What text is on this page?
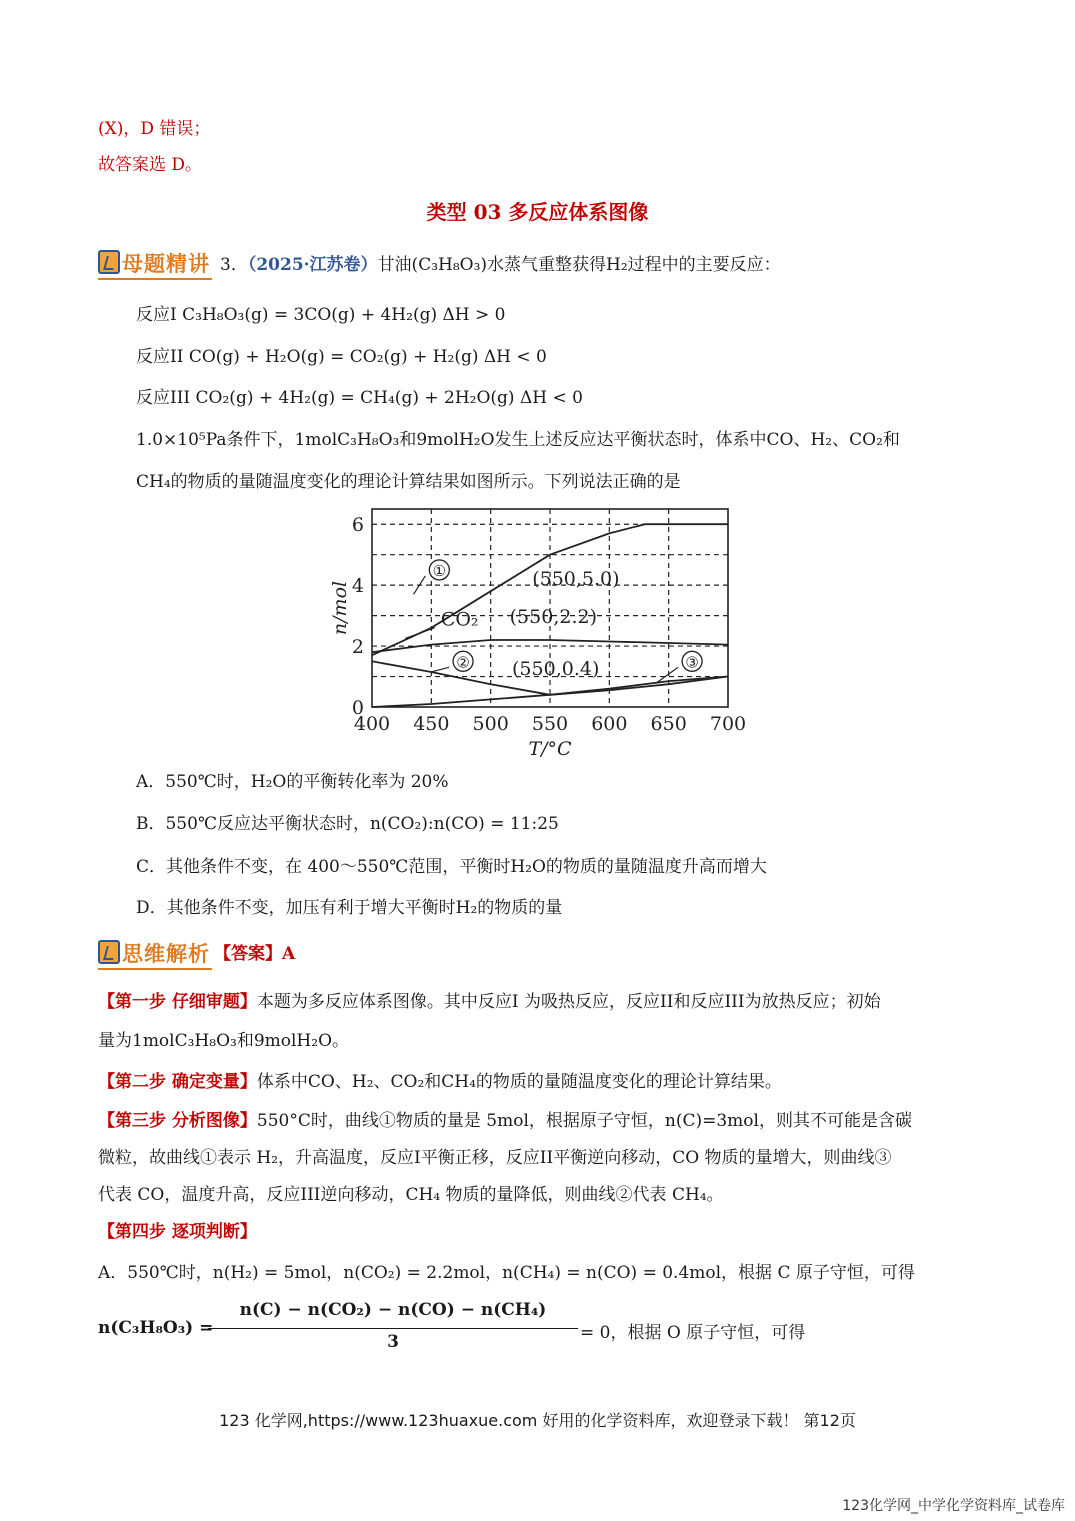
(X)，D 错误；
故答案选 D。
类型 03 多反应体系图像
母题精讲 3．（2025·江苏卷）甘油(C₃H₈O₃)水蒸气重整获得H₂过程中的主要反应：
反应I C₃H₈O₃(g) = 3CO(g) + 4H₂(g) ΔH > 0
反应II CO(g) + H₂O(g) = CO₂(g) + H₂(g) ΔH < 0
反应III CO₂(g) + 4H₂(g) = CH₄(g) + 2H₂O(g) ΔH < 0
1.0×10⁵Pa条件下，1molC₃H₈O₃和9molH₂O发生上述反应达平衡状态时，体系中CO、H₂、CO₂和
CH₄的物质的量随温度变化的理论计算结果如图所示。下列说法正确的是
400 450 500 550 600 650 700
0
2
4
6
T/°C
n/mol
①
CO₂
②	③
(550,5.0)
(550,2.2)
(550,0.4)
A．550℃时，H₂O的平衡转化率为 20%
B．550℃反应达平衡状态时，n(CO₂):n(CO) = 11:25
C．其他条件不变，在 400～550℃范围，平衡时H₂O的物质的量随温度升高而增大
D．其他条件不变，加压有利于增大平衡时H₂的物质的量
思维解析 【答案】A
【第一步 仔细审题】本题为多反应体系图像。其中反应I 为吸热反应，反应II和反应III为放热反应；初始
量为1molC₃H₈O₃和9molH₂O。
【第二步 确定变量】体系中CO、H₂、CO₂和CH₄的物质的量随温度变化的理论计算结果。
【第三步 分析图像】550°C时，曲线①物质的量是 5mol，根据原子守恒，n(C)=3mol，则其不可能是含碳
微粒，故曲线①表示 H₂，升高温度，反应I平衡正移，反应II平衡逆向移动，CO 物质的量增大，则曲线③
代表 CO，温度升高，反应III逆向移动，CH₄ 物质的量降低，则曲线②代表 CH₄。
【第四步 逐项判断】
A．550℃时，n(H₂) = 5mol，n(CO₂) = 2.2mol，n(CH₄) = n(CO) = 0.4mol，根据 C 原子守恒，可得
n(C₃H₈O₃) =
n(C) − n(CO₂) − n(CO) − n(CH₄)
3	= 0，根据 O 原子守恒，可得
123 化学网,https://www.123huaxue.com 好用的化学资料库，欢迎登录下载！ 第12页
123化学网_中学化学资料库_试卷库
